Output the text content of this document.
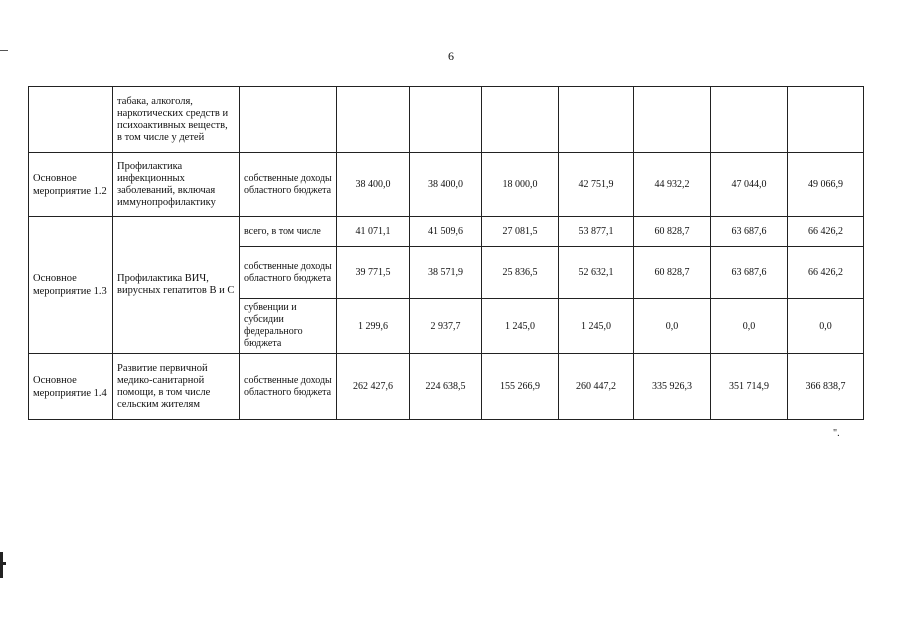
6
	табака, алкоголя, наркотических средств и психоактивных веществ, в том числе у детей								
Основное мероприятие 1.2	Профилактика инфекционных заболеваний, включая иммунопрофилактику	собственные доходы областного бюджета	38 400,0	38 400,0	18 000,0	42 751,9	44 932,2	47 044,0	49 066,9
Основное мероприятие 1.3	Профилактика ВИЧ, вирусных гепатитов В и С	всего, в том числе	41 071,1	41 509,6	27 081,5	53 877,1	60 828,7	63 687,6	66 426,2
		собственные доходы областного бюджета	39 771,5	38 571,9	25 836,5	52 632,1	60 828,7	63 687,6	66 426,2
		субвенции и субсидии федерального бюджета	1 299,6	2 937,7	1 245,0	1 245,0	0,0	0,0	0,0
Основное мероприятие 1.4	Развитие первичной медико-санитарной помощи, в том числе сельским жителям	собственные доходы областного бюджета	262 427,6	224 638,5	155 266,9	260 447,2	335 926,3	351 714,9	366 838,7
".
